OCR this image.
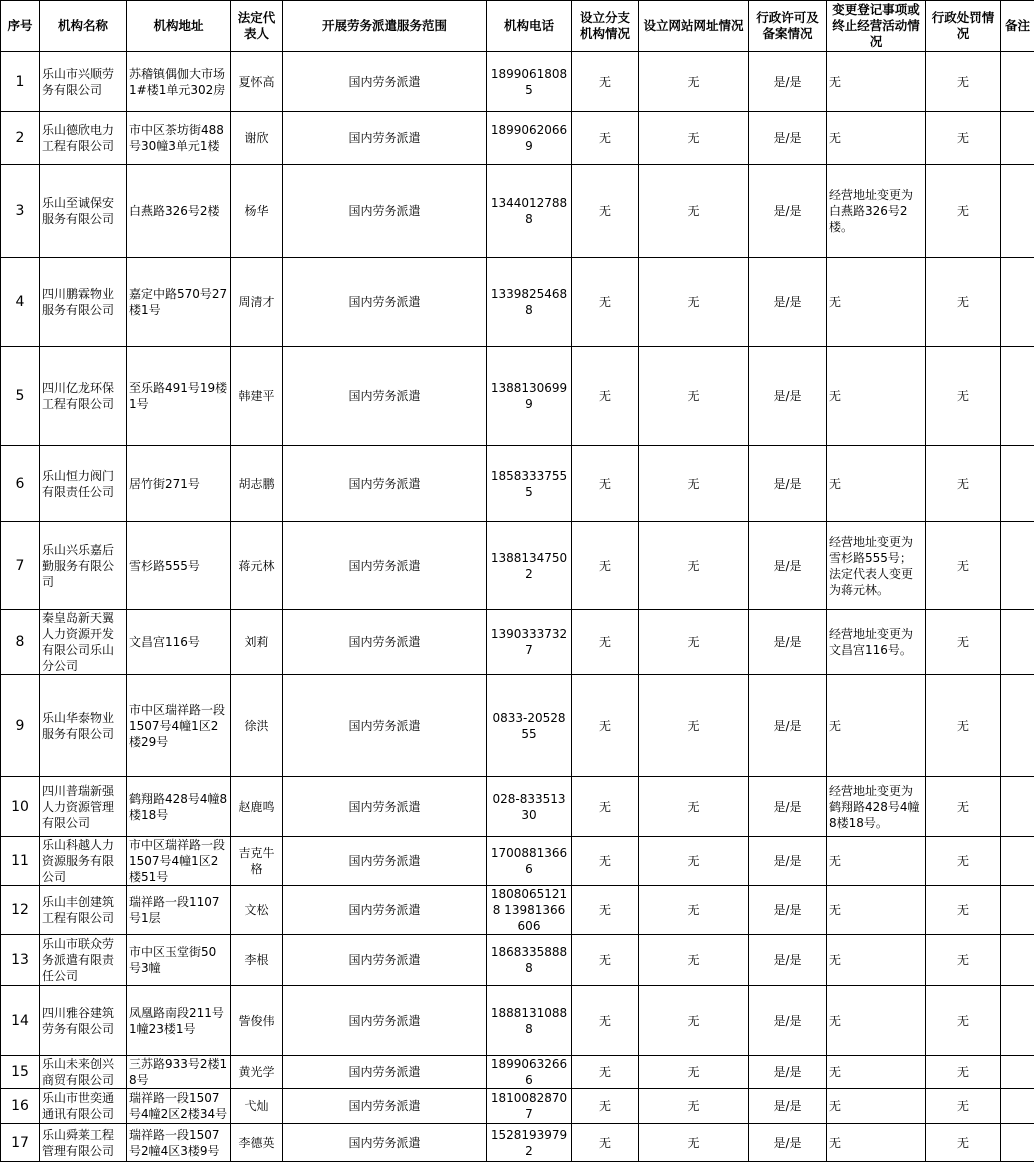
序号	机构名称	机构地址	法定代表人	开展劳务派遣服务范围	机构电话	设立分支机构情况	设立网站网址情况	行政许可及备案情况	变更登记事项或终止经营活动情况	行政处罚情况	备注
1	乐山市兴顺劳务有限公司	苏稽镇偶伽大市场1#楼1单元302房	夏怀高	国内劳务派遣	18990618085	无	无	是/是	无	无	
2	乐山德欣电力工程有限公司	市中区茶坊街488号30幢3单元1楼	谢欣	国内劳务派遣	18990620669	无	无	是/是	无	无	
3	乐山至诚保安服务有限公司	白燕路326号2楼	杨华	国内劳务派遣	13440127888	无	无	是/是	经营地址变更为白燕路326号2楼。	无	
4	四川鹏霖物业服务有限公司	嘉定中路570号27楼1号	周清才	国内劳务派遣	13398254688	无	无	是/是	无	无	
5	四川亿龙环保工程有限公司	至乐路491号19楼1号	韩建平	国内劳务派遣	13881306999	无	无	是/是	无	无	
6	乐山恒力阀门有限责任公司	居竹街271号	胡志鹏	国内劳务派遣	18583337555	无	无	是/是	无	无	
7	乐山兴乐嘉后勤服务有限公司	雪杉路555号	蒋元林	国内劳务派遣	13881347502	无	无	是/是	经营地址变更为雪杉路555号；法定代表人变更为蒋元林。	无	
8	秦皇岛新天翼人力资源开发有限公司乐山分公司	文昌宫116号	刘莉	国内劳务派遣	13903337327	无	无	是/是	经营地址变更为文昌宫116号。	无	
9	乐山华泰物业服务有限公司	市中区瑞祥路一段1507号4幢1区2楼29号	徐洪	国内劳务派遣	0833-2052855	无	无	是/是	无	无	
10	四川普瑞新强人力资源管理有限公司	鹤翔路428号4幢8楼18号	赵鹿鸣	国内劳务派遣	028-83351330	无	无	是/是	经营地址变更为鹤翔路428号4幢8楼18号。	无	
11	乐山科越人力资源服务有限公司	市中区瑞祥路一段1507号4幢1区2楼51号	吉克牛格	国内劳务派遣	17008813666	无	无	是/是	无	无	
12	乐山丰创建筑工程有限公司	瑞祥路一段1107号1层	文松	国内劳务派遣	18080651218 13981366606	无	无	是/是	无	无	
13	乐山市联众劳务派遣有限责任公司	市中区玉堂街50号3幢	李根	国内劳务派遣	18683358888	无	无	是/是	无	无	
14	四川雅谷建筑劳务有限公司	凤凰路南段211号1幢23楼1号	訾俊伟	国内劳务派遣	18881310888	无	无	是/是	无	无	
15	乐山未来创兴商贸有限公司	三苏路933号2楼18号	黄光学	国内劳务派遣	18990632666	无	无	是/是	无	无	
16	乐山市世奕通通讯有限公司	瑞祥路一段1507号4幢2区2楼34号	弋灿	国内劳务派遣	18100828707	无	无	是/是	无	无	
17	乐山舜莱工程管理有限公司	瑞祥路一段1507号2幢4区3楼9号	李德英	国内劳务派遣	15281939792	无	无	是/是	无	无	
